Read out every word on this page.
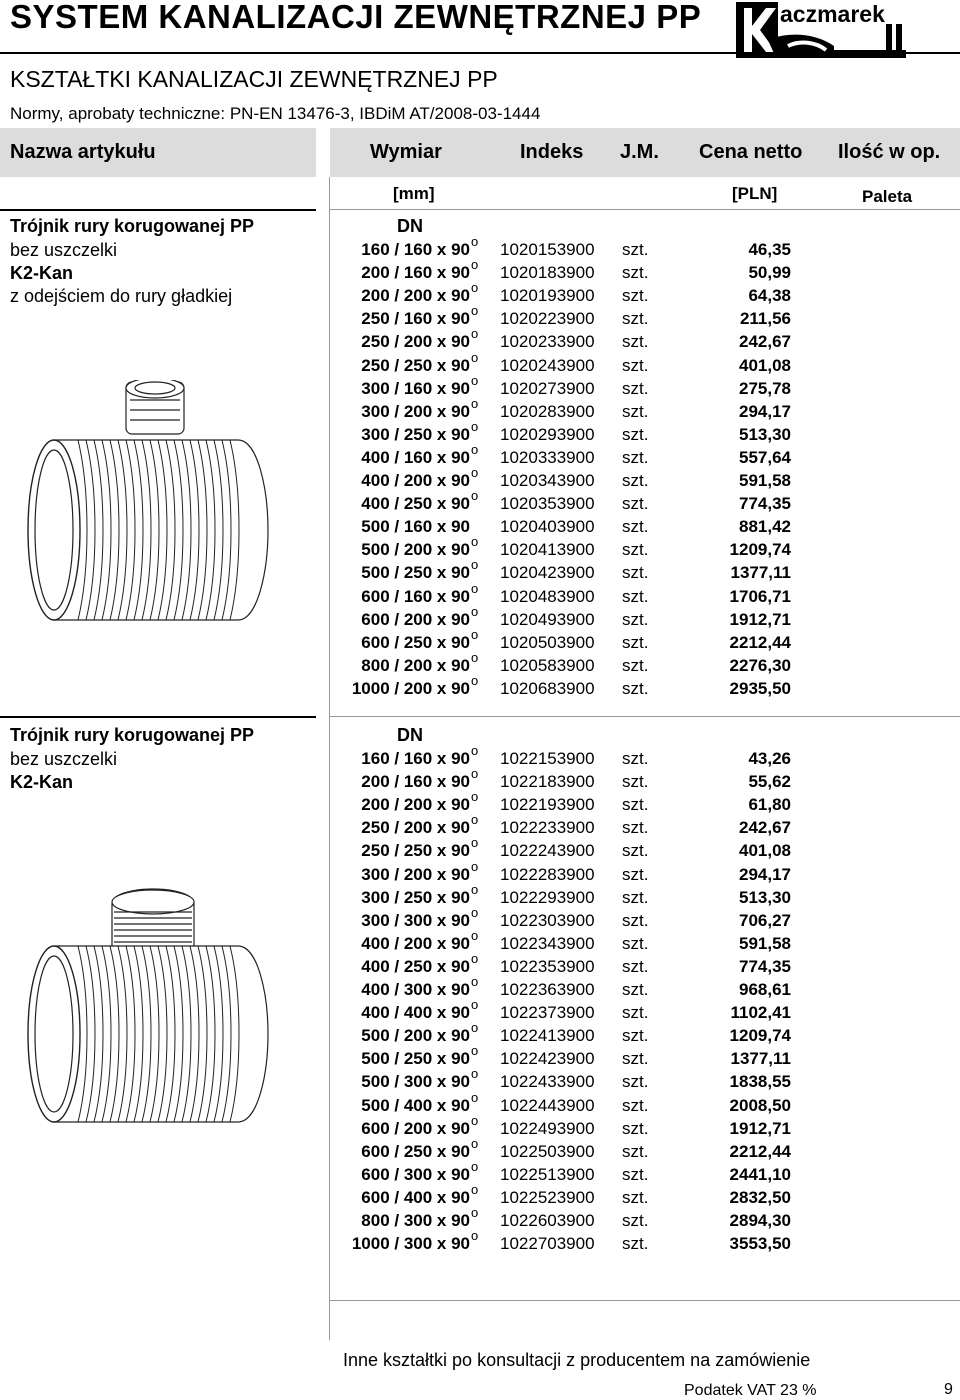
SYSTEM KANALIZACJI ZEWNĘTRZNEJ PP	aczmarek
KSZTAŁTKI KANALIZACJI ZEWNĘTRZNEJ PP
Normy, aprobaty techniczne: PN-EN 13476-3, IBDiM AT/2008-03-1444
Nazwa artykułu	Wymiar	Indeks J.M. Cena netto Ilość w op.
[mm]	[PLN]	Paleta
Trójnik rury korugowanej PP
bez uszczelki
K2-Kan
z odejściem do rury gładkiej
DN
160 / 160 x 90 o 1020153900 szt.	46,35
200 / 160 x 90 o 1020183900 szt.	50,99
200 / 200 x 90 o 1020193900 szt.	64,38
250 / 160 x 90 o 1020223900 szt.	211,56
250 / 200 x 90 o 1020233900 szt.	242,67
250 / 250 x 90 o 1020243900 szt.	401,08
300 / 160 x 90 o 1020273900 szt.	275,78
300 / 200 x 90 o 1020283900 szt.	294,17
300 / 250 x 90 o 1020293900 szt.	513,30
400 / 160 x 90 o 1020333900 szt.	557,64
400 / 200 x 90 o 1020343900 szt.	591,58
400 / 250 x 90 o 1020353900 szt.	774,35
500 / 160 x 90 1020403900 szt.	881,42
500 / 200 x 90 o 1020413900 szt.	1209,74
500 / 250 x 90 o 1020423900 szt.	1377,11
600 / 160 x 90 o 1020483900 szt.	1706,71
600 / 200 x 90 o 1020493900 szt.	1912,71
600 / 250 x 90 o 1020503900 szt.	2212,44
800 / 200 x 90 o 1020583900 szt.	2276,30
1000 / 200 x 90 o 1020683900 szt.	2935,50
Trójnik rury korugowanej PP
bez uszczelki
K2-Kan
DN
160 / 160 x 90 o 1022153900 szt.	43,26
200 / 160 x 90 o 1022183900 szt.	55,62
200 / 200 x 90 o 1022193900 szt.	61,80
250 / 200 x 90 o 1022233900 szt.	242,67
250 / 250 x 90 o 1022243900 szt.	401,08
300 / 200 x 90 o 1022283900 szt.	294,17
300 / 250 x 90 o 1022293900 szt.	513,30
300 / 300 x 90 o 1022303900 szt.	706,27
400 / 200 x 90 o 1022343900 szt.	591,58
400 / 250 x 90 o 1022353900 szt.	774,35
400 / 300 x 90 o 1022363900 szt.	968,61
400 / 400 x 90 o 1022373900 szt.	1102,41
500 / 200 x 90 o 1022413900 szt.	1209,74
500 / 250 x 90 o 1022423900 szt.	1377,11
500 / 300 x 90 o 1022433900 szt.	1838,55
500 / 400 x 90 o 1022443900 szt.	2008,50
600 / 200 x 90 o 1022493900 szt.	1912,71
600 / 250 x 90 o 1022503900 szt.	2212,44
600 / 300 x 90 o 1022513900 szt.	2441,10
600 / 400 x 90 o 1022523900 szt.	2832,50
800 / 300 x 90 o 1022603900 szt.	2894,30
1000 / 300 x 90 o 1022703900 szt.	3553,50
Inne kształtki po konsultacji z producentem na zamówienie
Podatek VAT 23 %	9
